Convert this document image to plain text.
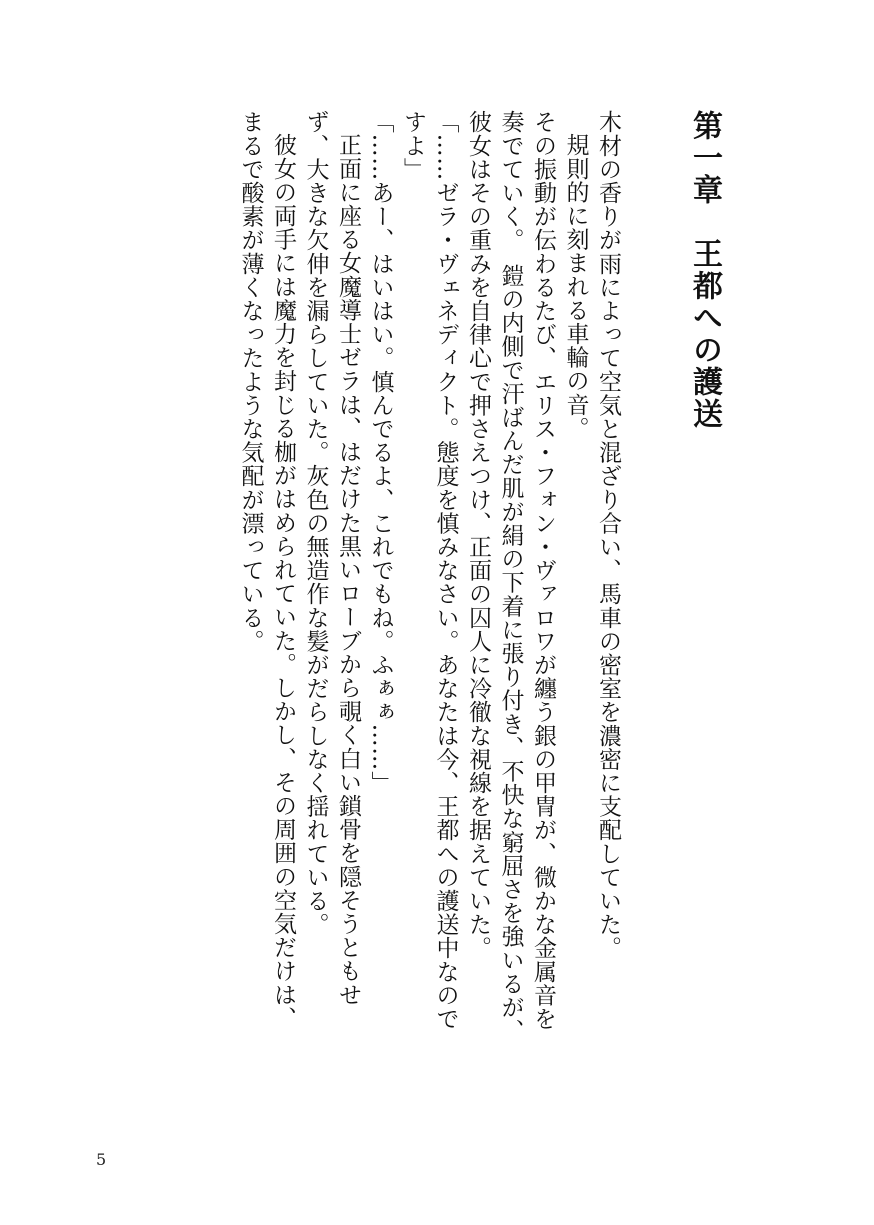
第一章　王都への護送

木材の香りが雨によって空気と混ざり合い、馬車の密室を濃密に支配していた。

規則的に刻まれる車輪の音。

その振動が伝わるたび、エリス・フォン・ヴァロワが纏う銀の甲冑が、微かな金属音を奏でていく。　鎧の内側で汗ばんだ肌が絹の下着に張り付き、不快な窮屈さを強いるが、彼女はその重みを自律心で押さえつけ、正面の囚人に冷徹な視線を据えていた。

「……ゼラ・ヴェネディクト。態度を慎みなさい。あなたは今、王都への護送中なのですよ」

「……あー、はいはい。慎んでるよ、これでもね。ふぁぁ……」

正面に座る女魔導士ゼラは、はだけた黒いローブから覗く白い鎖骨を隠そうともせず、大きな欠伸を漏らしていた。灰色の無造作な髪がだらしなく揺れている。

彼女の両手には魔力を封じる枷がはめられていた。しかし、その周囲の空気だけは、まるで酸素が薄くなったような気配が漂っている。

5
